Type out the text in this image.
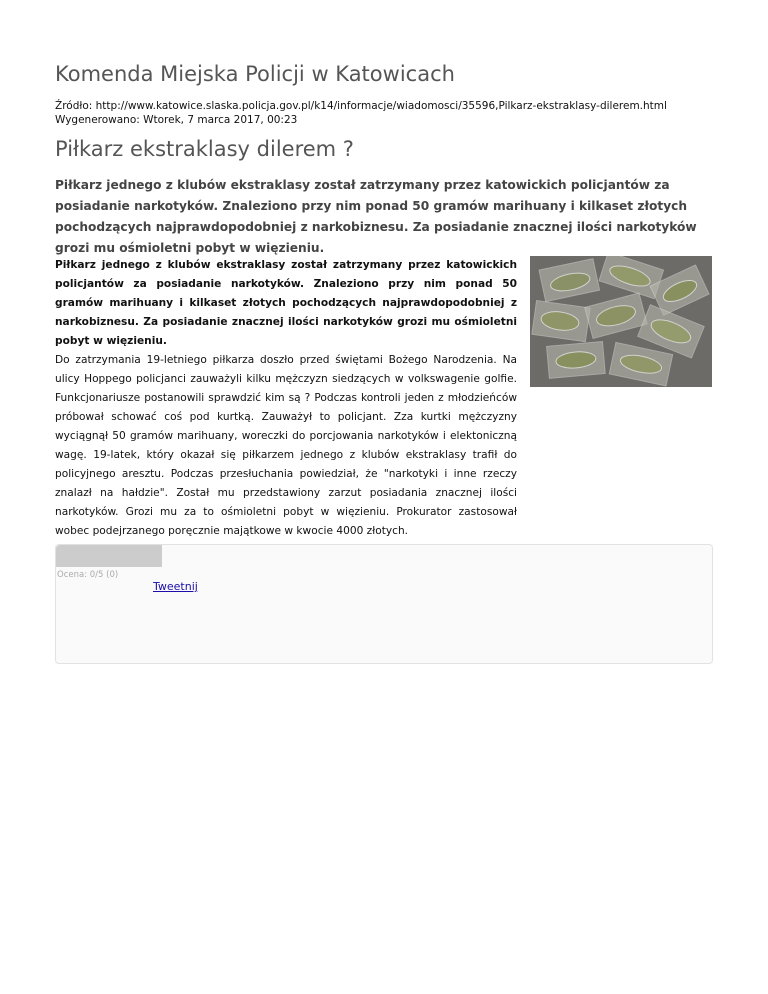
Komenda Miejska Policji w Katowicach
Źródło: http://www.katowice.slaska.policja.gov.pl/k14/informacje/wiadomosci/35596,Pilkarz-ekstraklasy-dilerem.html
Wygenerowano: Wtorek, 7 marca 2017, 00:23
Piłkarz ekstraklasy dilerem ?
Piłkarz jednego z klubów ekstraklasy został zatrzymany przez katowickich policjantów za posiadanie narkotyków. Znaleziono przy nim ponad 50 gramów marihuany i kilkaset złotych pochodzących najprawdopodobniej z narkobiznesu. Za posiadanie znacznej ilości narkotyków grozi mu ośmioletni pobyt w więzieniu.
Piłkarz jednego z klubów ekstraklasy został zatrzymany przez katowickich policjantów za posiadanie narkotyków. Znaleziono przy nim ponad 50 gramów marihuany i kilkaset złotych pochodzących najprawdopodobniej z narkobiznesu. Za posiadanie znacznej ilości narkotyków grozi mu ośmioletni pobyt w więzieniu.
Do zatrzymania 19-letniego piłkarza doszło przed świętami Bożego Narodzenia. Na ulicy Hoppego policjanci zauważyli kilku mężczyzn siedzących w volkswagenie golfie. Funkcjonariusze postanowili sprawdzić kim są ? Podczas kontroli jeden z młodzieńców próbował schować coś pod kurtką. Zauważył to policjant. Zza kurtki mężczyzny wyciągnął 50 gramów marihuany, woreczki do porcjowania narkotyków i elektoniczną wagę. 19-latek, który okazał się piłkarzem jednego z klubów ekstraklasy trafił do policyjnego aresztu. Podczas przesłuchania powiedział, że "narkotyki i inne rzeczy znalazł na hałdzie". Został mu przedstawiony zarzut posiadania znacznej ilości narkotyków. Grozi mu za to ośmioletni pobyt w więzieniu. Prokurator zastosował wobec podejrzanego poręcznie majątkowe w kwocie 4000 złotych.
Ocena: 0/5 (0)
Tweetnij
